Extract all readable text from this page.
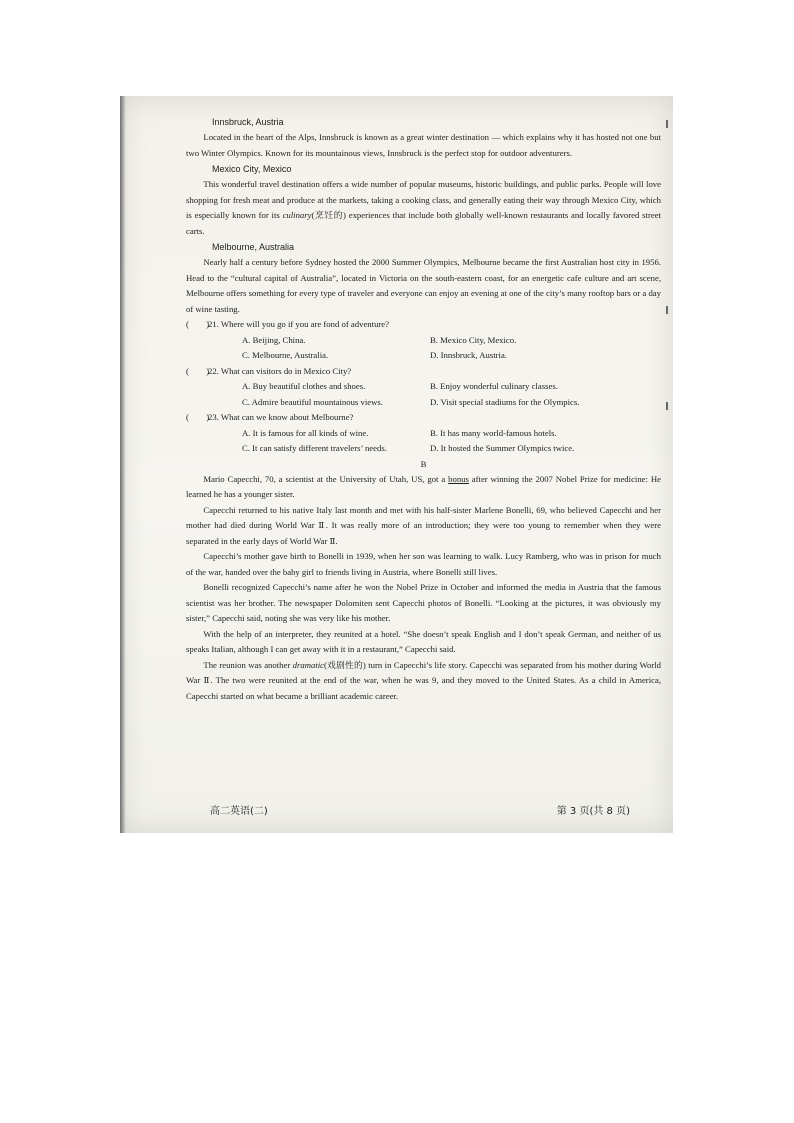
Innsbruck, Austria

Located in the heart of the Alps, Innsbruck is known as a great winter destination — which explains why it has hosted not one but two Winter Olympics. Known for its mountainous views, Innsbruck is the perfect stop for outdoor adventurers.

Mexico City, Mexico

This wonderful travel destination offers a wide number of popular museums, historic buildings, and public parks. People will love shopping for fresh meat and produce at the markets, taking a cooking class, and generally eating their way through Mexico City, which is especially known for its culinary(烹饪的) experiences that include both globally well-known restaurants and locally favored street carts.

Melbourne, Australia

Nearly half a century before Sydney hosted the 2000 Summer Olympics, Melbourne became the first Australian host city in 1956. Head to the “cultural capital of Australia”, located in Victoria on the south-eastern coast, for an energetic cafe culture and art scene, Melbourne offers something for every type of traveler and everyone can enjoy an evening at one of the city’s many rooftop bars or a day of wine tasting.

(　　)
21. Where will you go if you are fond of adventure?
A. Beijing, China.	B. Mexico City, Mexico.
C. Melbourne, Australia.	D. Innsbruck, Austria.
(　　)
22. What can visitors do in Mexico City?
A. Buy beautiful clothes and shoes.	B. Enjoy wonderful culinary classes.
C. Admire beautiful mountainous views.	D. Visit special stadiums for the Olympics.
(　　)
23. What can we know about Melbourne?
A. It is famous for all kinds of wine.	B. It has many world-famous hotels.
C. It can satisfy different travelers’ needs.	D. It hosted the Summer Olympics twice.
B

Mario Capecchi, 70, a scientist at the University of Utah, US, got a bonus after winning the 2007 Nobel Prize for medicine: He learned he has a younger sister.

Capecchi returned to his native Italy last month and met with his half-sister Marlene Bonelli, 69, who believed Capecchi and her mother had died during World War Ⅱ. It was really more of an introduction; they were too young to remember when they were separated in the early days of World War Ⅱ.

Capecchi’s mother gave birth to Bonelli in 1939, when her son was learning to walk. Lucy Ramberg, who was in prison for much of the war, handed over the baby girl to friends living in Austria, where Bonelli still lives.

Bonelli recognized Capecchi’s name after he won the Nobel Prize in October and informed the media in Austria that the famous scientist was her brother. The newspaper Dolomiten sent Capecchi photos of Bonelli. “Looking at the pictures, it was obviously my sister,” Capecchi said, noting she was very like his mother.

With the help of an interpreter, they reunited at a hotel. “She doesn’t speak English and I don’t speak German, and neither of us speaks Italian, although I can get away with it in a restaurant,” Capecchi said.

The reunion was another dramatic(戏剧性的) turn in Capecchi’s life story. Capecchi was separated from his mother during World War Ⅱ. The two were reunited at the end of the war, when he was 9, and they moved to the United States. As a child in America, Capecchi started on what became a brilliant academic career.

高二英语(二)	第 3 页(共 8 页)
